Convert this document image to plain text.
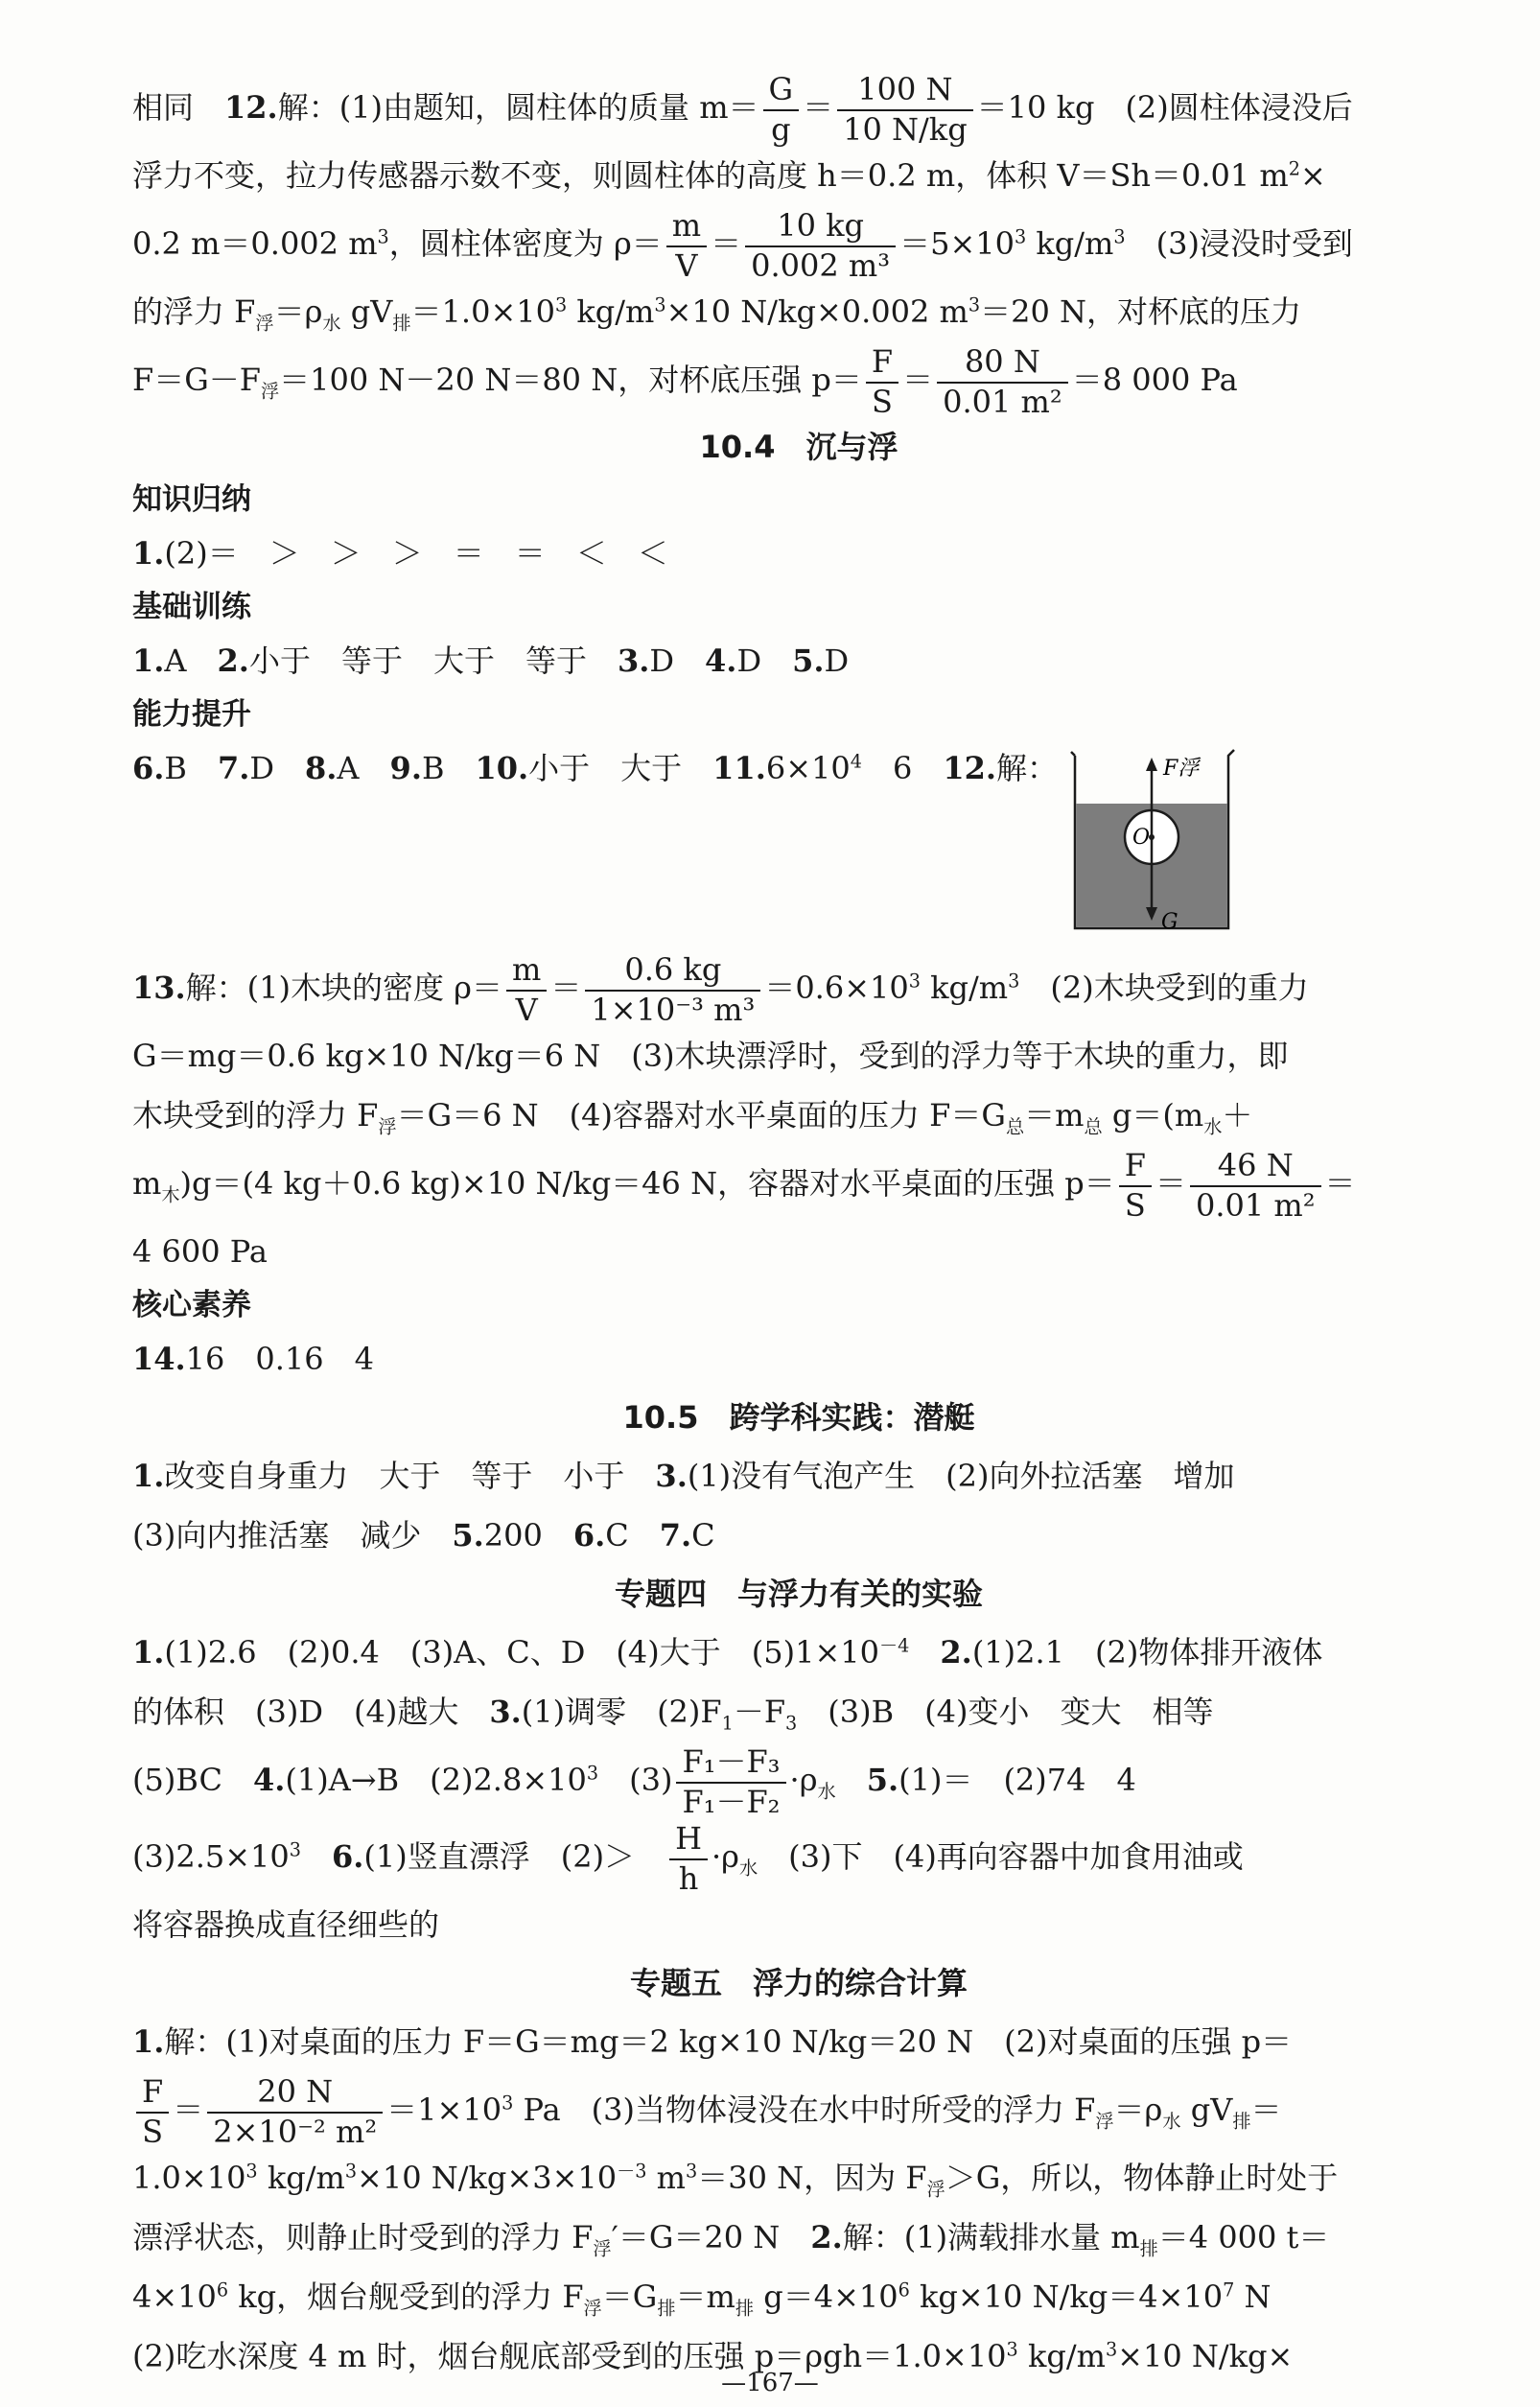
相同　12.解：(1)由题知，圆柱体的质量 $m= \frac{G}{g} = \frac{100 N}{10 N/kg} =10$ kg　(2)圆柱体浸没后
浮力不变，拉力传感器示数不变，则圆柱体的高度 h＝0.2 m，体积 V＝Sh＝0.01 $m^2\times$
0.2 m＝0.002 $m^3$，圆柱体密度为 $\rho= \frac{m}{V} = \frac{10 kg}{\text{0.002 m³}} =5\times 10^3$ $kg/m^3$　(3)浸没时受到
的浮力 $F_浮=\rho_水$ $gV_排=1.0\times 10^3$ $kg/m^3\times 10$ N/kg×0.002 $m^3=20$ N，对杯底的压力
$F=G-F_浮=100$ N－20 N＝80 N，对杯底压强 $p= \frac{F}{S} = \frac{80 N}{\text{0.01 m²}} =8$ 000 Pa
10.4　沉与浮
知识归纳
1.(2)＝　＞　＞　＞　＝　＝　＜　＜
基础训练
1.A　2.小于　等于　大于　等于　3.D　4.D　5.D
能力提升
6.B　7.D　8.A　9.B　10.小于　大于　$11.6\times 10^4$　6　12.解：	F浮
O
G
13.解：(1)木块的密度 $\rho= \frac{m}{V} = \frac{0.6 kg}{\text{1×10⁻³ m³}} =0.6\times 10^3$ $kg/m^3$　(2)木块受到的重力
G＝mg＝0.6 kg×10 N/kg＝6 N　(3)木块漂浮时，受到的浮力等于木块的重力，即
木块受到的浮力 $F_浮=G=6$ N　(4)容器对水平桌面的压力 $F=G_总=m_总$ $g=(m_水+$
$m_木)g=(4$ kg＋0.6 kg)×10 N/kg＝46 N，容器对水平桌面的压强 $p= \frac{F}{S} = \frac{46 N}{\text{0.01 m²}}$ ＝
4 600 Pa
核心素养
14.16　0.16　4
10.5　跨学科实践：潜艇
1.改变自身重力　大于　等于　小于　3.(1)没有气泡产生　(2)向外拉活塞　增加
(3)向内推活塞　减少　5.200　6.C　7.C
专题四　与浮力有关的实验
1.(1)2.6　(2)0.4　(3)A、C、D　(4)大于　$(5)1\times 10^{-4}$　 2.(1)2.1　(2)物体排开液体
的体积　(3)D　(4)越大　3.(1)调零　$(2)F_1-F_3$　(3)B　(4)变小　变大　相等
(5)BC　4.(1)A→B　$(2)2.8\times 10^3$　$(3) \frac{\text{F₁－F₃}}{\text{F₁－F₂}} \cdot\rho_水$　 5.(1)＝　(2)74　4
$(3)2.5\times 10^3$　 6.(1)竖直漂浮　(2)＞　 $\frac{H}{h} \cdot\rho_水$　(3)下　(4)再向容器中加食用油或
将容器换成直径细些的
专题五　浮力的综合计算
1.解：(1)对桌面的压力 F＝G＝mg＝2 kg×10 N/kg＝20 N　(2)对桌面的压强 p＝
$\frac{F}{S} = \frac{20 N}{\text{2×10⁻² m²}} =1\times 10^3$ Pa　(3)当物体浸没在水中时所受的浮力 $F_浮=\rho_水$ $gV_排=$
$1.0\times 10^3$ $kg/m^3\times 10$ $N/kg\times 3\times 10^{-3}$ $m^3=30$ N，因为 $F_浮>G$，所以，物体静止时处于
漂浮状态，则静止时受到的浮力 $F_浮'=G=20$ N　2.解：(1)满载排水量 $m_排=4$ 000 t＝
$4\times 10^6$ kg，烟台舰受到的浮力 $F_浮=G_排=m_排$ $g=4\times 10^6$ kg×10 $N/kg=4\times 10^7$ N
(2)吃水深度 4 m 时，烟台舰底部受到的压强 $p=\rho gh=1.0\times 10^3$ $kg/m^3\times 10$ N/kg×
—167—
